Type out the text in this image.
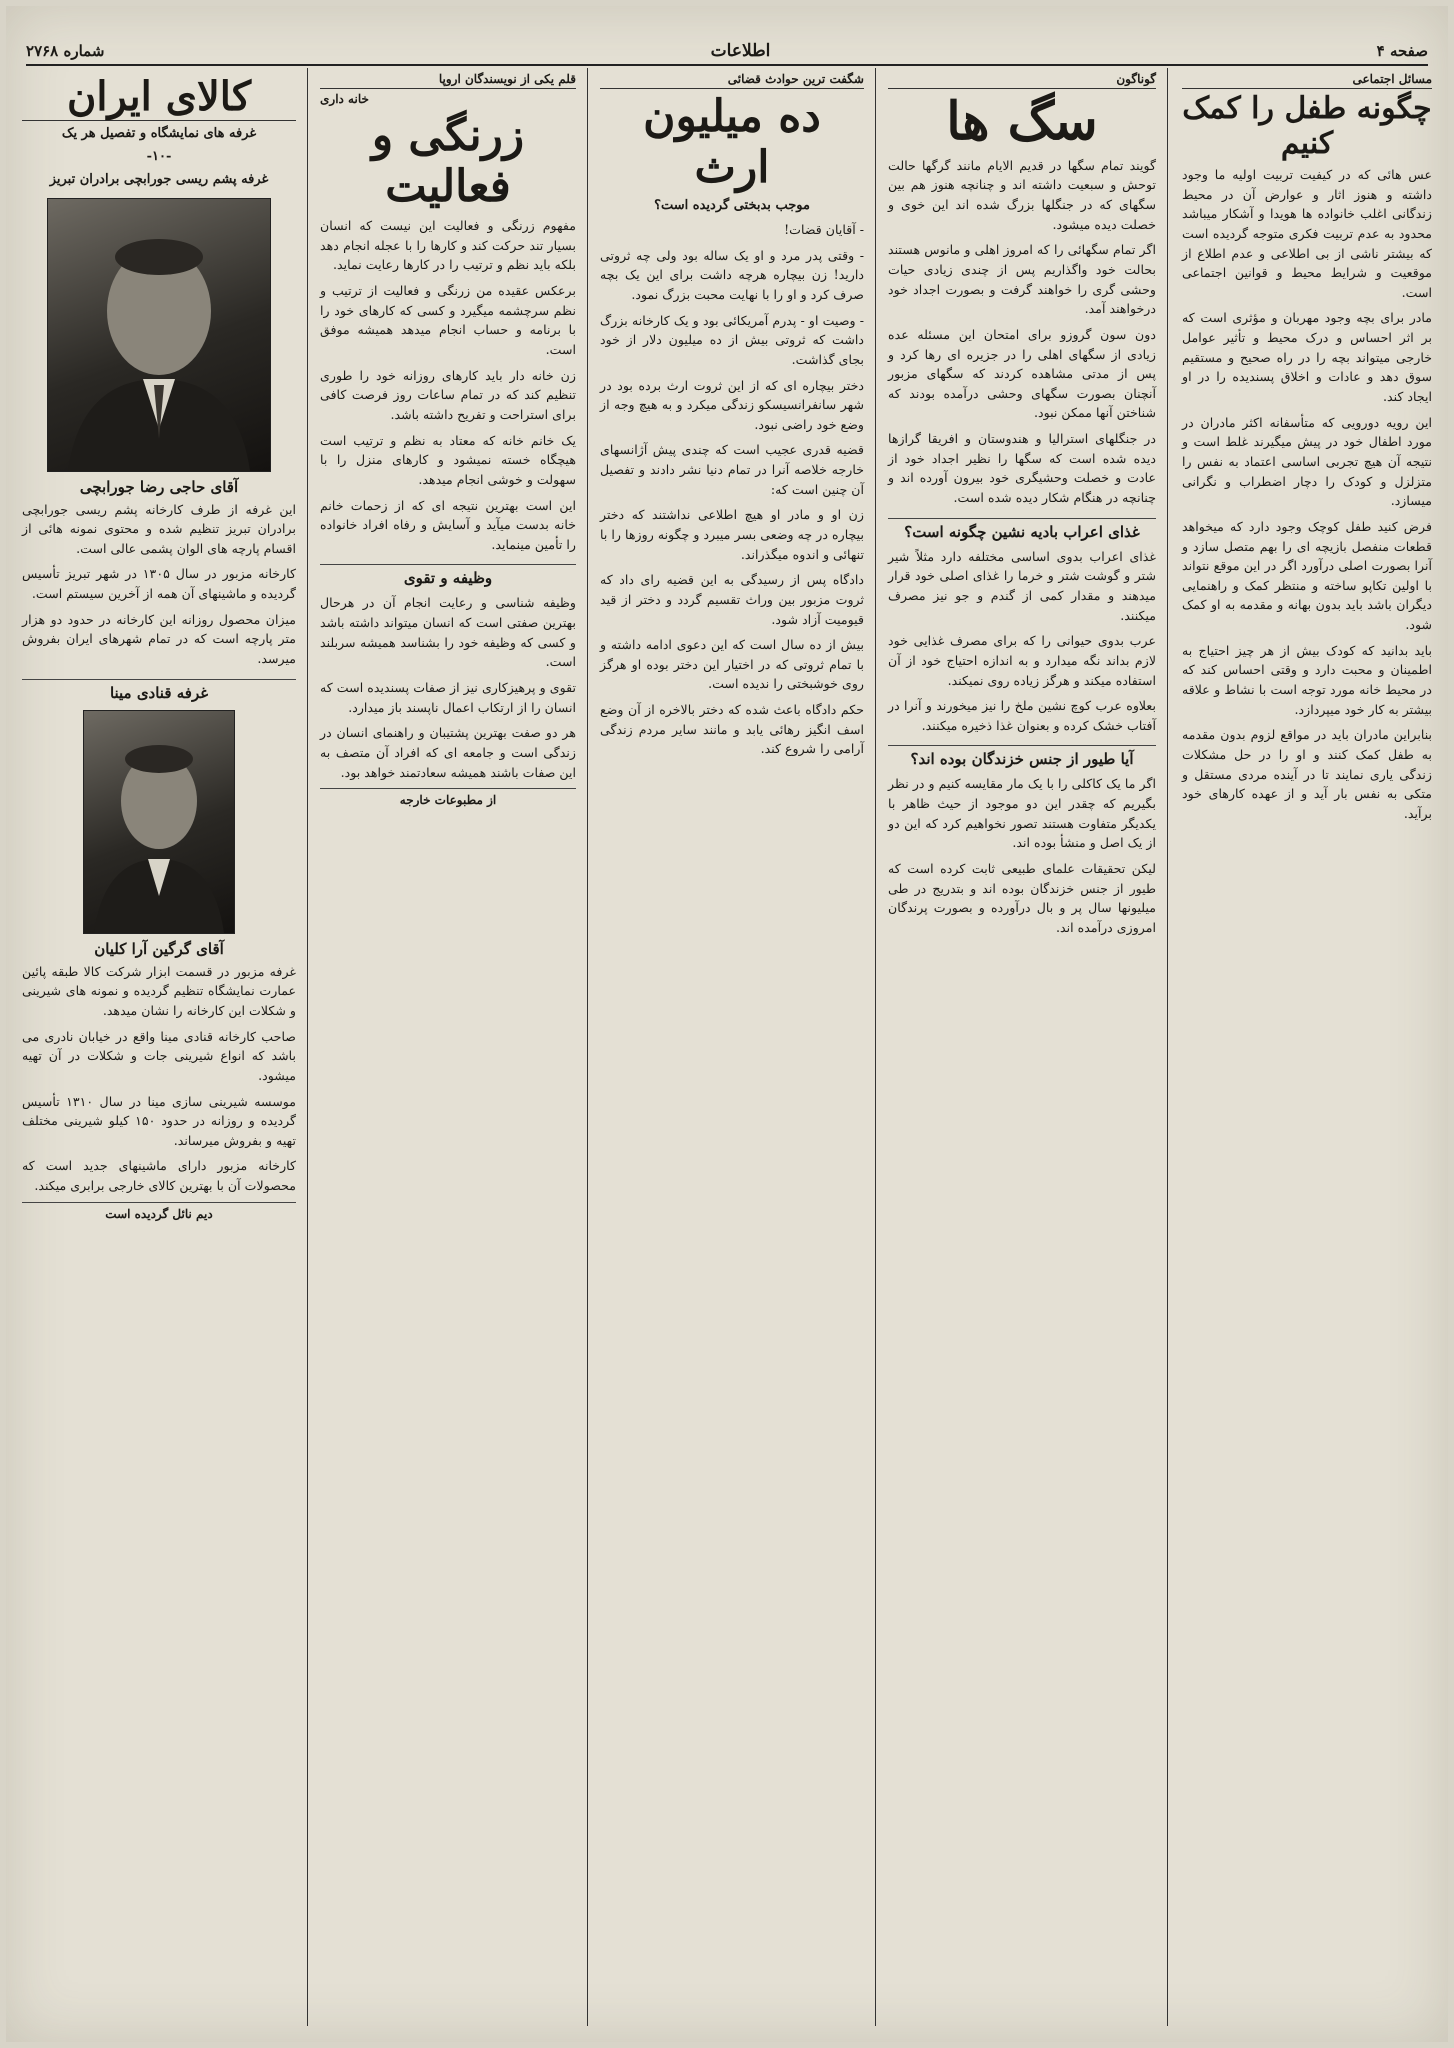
صفحه ۴
اطلاعات
شماره ۲۷۶۸
مسائل اجتماعی
چگونه طفل را کمک کنیم

عس هائی که در کیفیت تربیت اولیه ما وجود داشته و هنوز اثار و عوارض آن در محیط زندگانی اغلب خانواده ها هویدا و آشکار میباشد محدود به عدم تربیت فکری متوجه گردیده است که بیشتر ناشی از بی اطلاعی و عدم اطلاع از موقعیت و شرایط محیط و قوانین اجتماعی است.

مادر برای بچه وجود مهربان و مؤثری است که بر اثر احساس و درک محیط و تأثیر عوامل خارجی میتواند بچه را در راه صحیح و مستقیم سوق دهد و عادات و اخلاق پسندیده را در او ایجاد کند.

این رویه دورویی که متأسفانه اکثر مادران در مورد اطفال خود در پیش میگیرند غلط است و نتیجه آن هیچ تجربی اساسی اعتماد به نفس را متزلزل و کودک را دچار اضطراب و نگرانی میسازد.

فرض کنید طفل کوچک وجود دارد که میخواهد قطعات منفصل بازیچه ای را بهم متصل سازد و آنرا بصورت اصلی درآورد اگر در این موقع نتواند با اولین تکاپو ساخته و منتظر کمک و راهنمایی دیگران باشد باید بدون بهانه و مقدمه به او کمک شود.

باید بدانید که کودک بیش از هر چیز احتیاج به اطمینان و محبت دارد و وقتی احساس کند که در محیط خانه مورد توجه است با نشاط و علاقه بیشتر به کار خود میپردازد.

بنابراین مادران باید در مواقع لزوم بدون مقدمه به طفل کمک کنند و او را در حل مشکلات زندگی یاری نمایند تا در آینده مردی مستقل و متکی به نفس بار آید و از عهده کارهای خود برآید.

گوناگون
سگ ها

گویند تمام سگها در قدیم الایام مانند گرگها حالت توحش و سبعیت داشته اند و چنانچه هنوز هم بین سگهای که در جنگلها بزرگ شده اند این خوی و خصلت دیده میشود.

اگر تمام سگهائی را که امروز اهلی و مانوس هستند بحالت خود واگذاریم پس از چندی زیادی حیات وحشی گری را خواهند گرفت و بصورت اجداد خود درخواهند آمد.

دون سون گروزو برای امتحان این مسئله عده زیادی از سگهای اهلی را در جزیره ای رها کرد و پس از مدتی مشاهده کردند که سگهای مزبور آنچنان بصورت سگهای وحشی درآمده بودند که شناختن آنها ممکن نبود.

در جنگلهای استرالیا و هندوستان و افریقا گرازها دیده شده است که سگها را نظیر اجداد خود از عادت و خصلت وحشیگری خود بیرون آورده اند و چنانچه در هنگام شکار دیده شده است.

غذای اعراب بادیه نشین چگونه است؟

غذای اعراب بدوی اساسی مختلفه دارد مثلاً شیر شتر و گوشت شتر و خرما را غذای اصلی خود قرار میدهند و مقدار کمی از گندم و جو نیز مصرف میکنند.

عرب بدوی حیوانی را که برای مصرف غذایی خود لازم بداند نگه میدارد و به اندازه احتیاج خود از آن استفاده میکند و هرگز زیاده روی نمیکند.

بعلاوه عرب کوچ نشین ملخ را نیز میخورند و آنرا در آفتاب خشک کرده و بعنوان غذا ذخیره میکنند.

آیا طیور از جنس خزندگان بوده اند؟

اگر ما یک کاکلی را با یک مار مقایسه کنیم و در نظر بگیریم که چقدر این دو موجود از حیث ظاهر با یکدیگر متفاوت هستند تصور نخواهیم کرد که این دو از یک اصل و منشأ بوده اند.

لیکن تحقیقات علمای طبیعی ثابت کرده است که طیور از جنس خزندگان بوده اند و بتدریج در طی میلیونها سال پر و بال درآورده و بصورت پرندگان امروزی درآمده اند.

شگفت ترین حوادث قضائی
ده میلیون ارث
موجب بدبختی گردیده است؟

- آقایان قضات!

- وقتی پدر مرد و او یک ساله بود ولی چه ثروتی دارید! زن بیچاره هرچه داشت برای این یک بچه صرف کرد و او را با نهایت محبت بزرگ نمود.

- وصیت او - پدرم آمریکائی بود و یک کارخانه بزرگ داشت که ثروتی بیش از ده میلیون دلار از خود بجای گذاشت.

دختر بیچاره ای که از این ثروت ارث برده بود در شهر سانفرانسیسکو زندگی میکرد و به هیچ وجه از وضع خود راضی نبود.

قضیه قدری عجیب است که چندی پیش آژانسهای خارجه خلاصه آنرا در تمام دنیا نشر دادند و تفصیل آن چنین است که:

زن او و مادر او هیچ اطلاعی نداشتند که دختر بیچاره در چه وضعی بسر میبرد و چگونه روزها را با تنهائی و اندوه میگذراند.

دادگاه پس از رسیدگی به این قضیه رای داد که ثروت مزبور بین وراث تقسیم گردد و دختر از قید قیومیت آزاد شود.

بیش از ده سال است که این دعوی ادامه داشته و با تمام ثروتی که در اختیار این دختر بوده او هرگز روی خوشبختی را ندیده است.

حکم دادگاه باعث شده که دختر بالاخره از آن وضع اسف انگیز رهائی یابد و مانند سایر مردم زندگی آرامی را شروع کند.

قلم یکی از نویسندگان اروپا
خانه داری
زرنگی و فعالیت

مفهوم زرنگی و فعالیت این نیست که انسان بسیار تند حرکت کند و کارها را با عجله انجام دهد بلکه باید نظم و ترتیب را در کارها رعایت نماید.

برعکس عقیده من زرنگی و فعالیت از ترتیب و نظم سرچشمه میگیرد و کسی که کارهای خود را با برنامه و حساب انجام میدهد همیشه موفق است.

زن خانه دار باید کارهای روزانه خود را طوری تنظیم کند که در تمام ساعات روز فرصت کافی برای استراحت و تفریح داشته باشد.

یک خانم خانه که معتاد به نظم و ترتیب است هیچگاه خسته نمیشود و کارهای منزل را با سهولت و خوشی انجام میدهد.

این است بهترین نتیجه ای که از زحمات خانم خانه بدست میآید و آسایش و رفاه افراد خانواده را تأمین مینماید.

وظیفه و تقوی

وظیفه شناسی و رعایت انجام آن در هرحال بهترین صفتی است که انسان میتواند داشته باشد و کسی که وظیفه خود را بشناسد همیشه سربلند است.

تقوی و پرهیزکاری نیز از صفات پسندیده است که انسان را از ارتکاب اعمال ناپسند باز میدارد.

هر دو صفت بهترین پشتیبان و راهنمای انسان در زندگی است و جامعه ای که افراد آن متصف به این صفات باشند همیشه سعادتمند خواهد بود.

از مطبوعات خارجه
کالای ایران
غرفه های نمایشگاه و تفصیل هر یک
-۱۰-
غرفه پشم ریسی جورابچی برادران تبریز
آقای حاجی رضا جورابچی

این غرفه از طرف کارخانه پشم ریسی جورابچی برادران تبریز تنظیم شده و محتوی نمونه هائی از اقسام پارچه های الوان پشمی عالی است.

کارخانه مزبور در سال ۱۳۰۵ در شهر تبریز تأسیس گردیده و ماشینهای آن همه از آخرین سیستم است.

میزان محصول روزانه این کارخانه در حدود دو هزار متر پارچه است که در تمام شهرهای ایران بفروش میرسد.

غرفه قنادی مینا
آقای گرگین آرا کلیان

غرفه مزبور در قسمت ابزار شرکت کالا طبقه پائین عمارت نمایشگاه تنظیم گردیده و نمونه های شیرینی و شکلات این کارخانه را نشان میدهد.

صاحب کارخانه قنادی مینا واقع در خیابان نادری می باشد که انواع شیرینی جات و شکلات در آن تهیه میشود.

موسسه شیرینی سازی مینا در سال ۱۳۱۰ تأسیس گردیده و روزانه در حدود ۱۵۰ کیلو شیرینی مختلف تهیه و بفروش میرساند.

کارخانه مزبور دارای ماشینهای جدید است که محصولات آن با بهترین کالای خارجی برابری میکند.

دیم نائل گردیده است
